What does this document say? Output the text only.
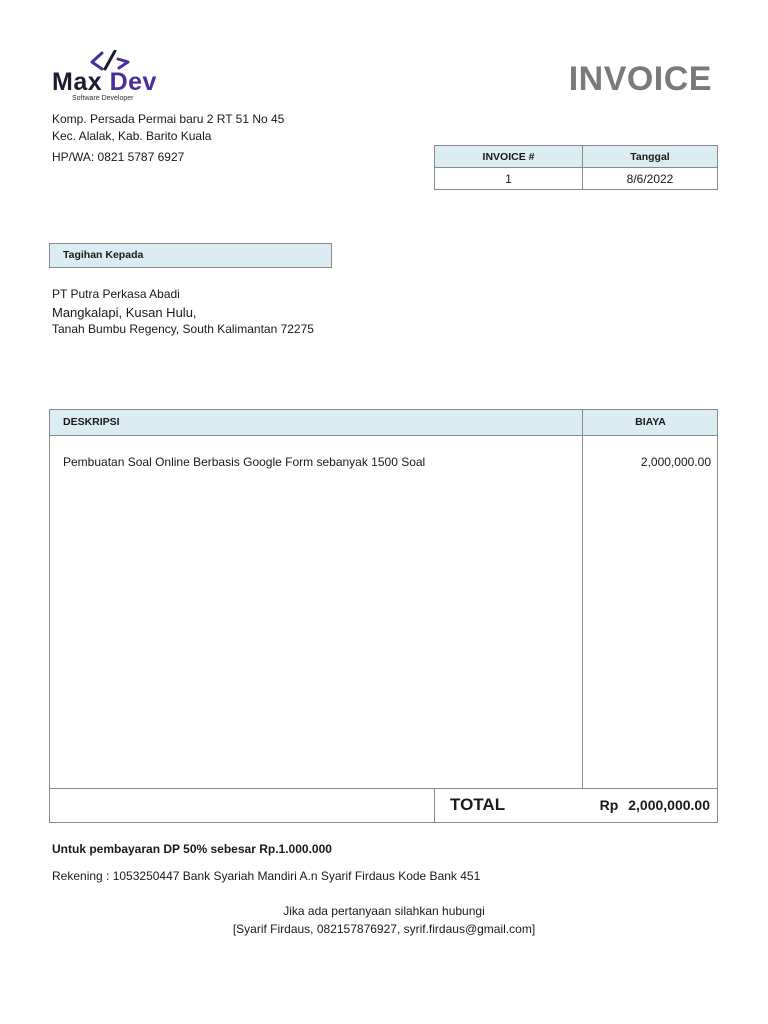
Max Dev
Software Developer
INVOICE
Komp. Persada Permai baru 2 RT 51 No 45
Kec. Alalak, Kab. Barito Kuala
HP/WA: 0821 5787 6927	INVOICE #	Tanggal
1	8/6/2022
Tagihan Kepada
PT Putra Perkasa Abadi
Mangkalapi, Kusan Hulu,
Tanah Bumbu Regency, South Kalimantan 72275
DESKRIPSI	BIAYA
Pembuatan Soal Online Berbasis Google Form sebanyak 1500 Soal	2,000,000.00
TOTAL	Rp 2,000,000.00
Untuk pembayaran DP 50% sebesar Rp.1.000.000
Rekening : 1053250447 Bank Syariah Mandiri A.n Syarif Firdaus Kode Bank 451
Jika ada pertanyaan silahkan hubungi
[Syarif Firdaus, 082157876927, syrif.firdaus@gmail.com]
